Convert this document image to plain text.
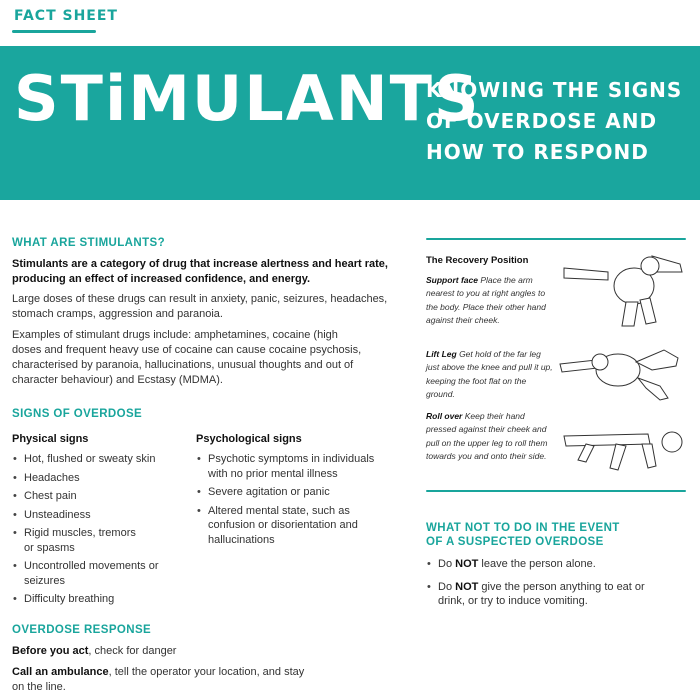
FACT SHEET
STiMULANTS
KNOWING THE SIGNS
OF OVERDOSE AND
HOW TO RESPOND
WHAT ARE STIMULANTS?
Stimulants are a category of drug that increase alertness and heart rate, producing an effect of increased confidence, and energy.
Large doses of these drugs can result in anxiety, panic, seizures, headaches, stomach cramps, aggression and paranoia.
Examples of stimulant drugs include: amphetamines, cocaine (high doses and frequent heavy use of cocaine can cause cocaine psychosis, characterised by paranoia, hallucinations, unusual thoughts and out of character behaviour) and Ecstasy (MDMA).
SIGNS OF OVERDOSE
Physical signs
• Hot, flushed or sweaty skin
• Headaches
• Chest pain
• Unsteadiness
• Rigid muscles, tremors or spasms
• Uncontrolled movements or seizures
• Difficulty breathing
Psychological signs
• Psychotic symptoms in individuals with no prior mental illness
• Severe agitation or panic
• Altered mental state, such as confusion or disorientation and hallucinations
OVERDOSE RESPONSE
Before you act, check for danger
Call an ambulance, tell the operator your location, and stay on the line.
The Recovery Position
Support face Place the arm nearest to you at right angles to the body. Place their other hand against their cheek.
Lift Leg Get hold of the far leg just above the knee and pull it up, keeping the foot flat on the ground.
Roll over Keep their hand pressed against their cheek and pull on the upper leg to roll them towards you and onto their side.
WHAT NOT TO DO IN THE EVENT
OF A SUSPECTED OVERDOSE
• Do NOT leave the person alone.
• Do NOT give the person anything to eat or drink, or try to induce vomiting.
